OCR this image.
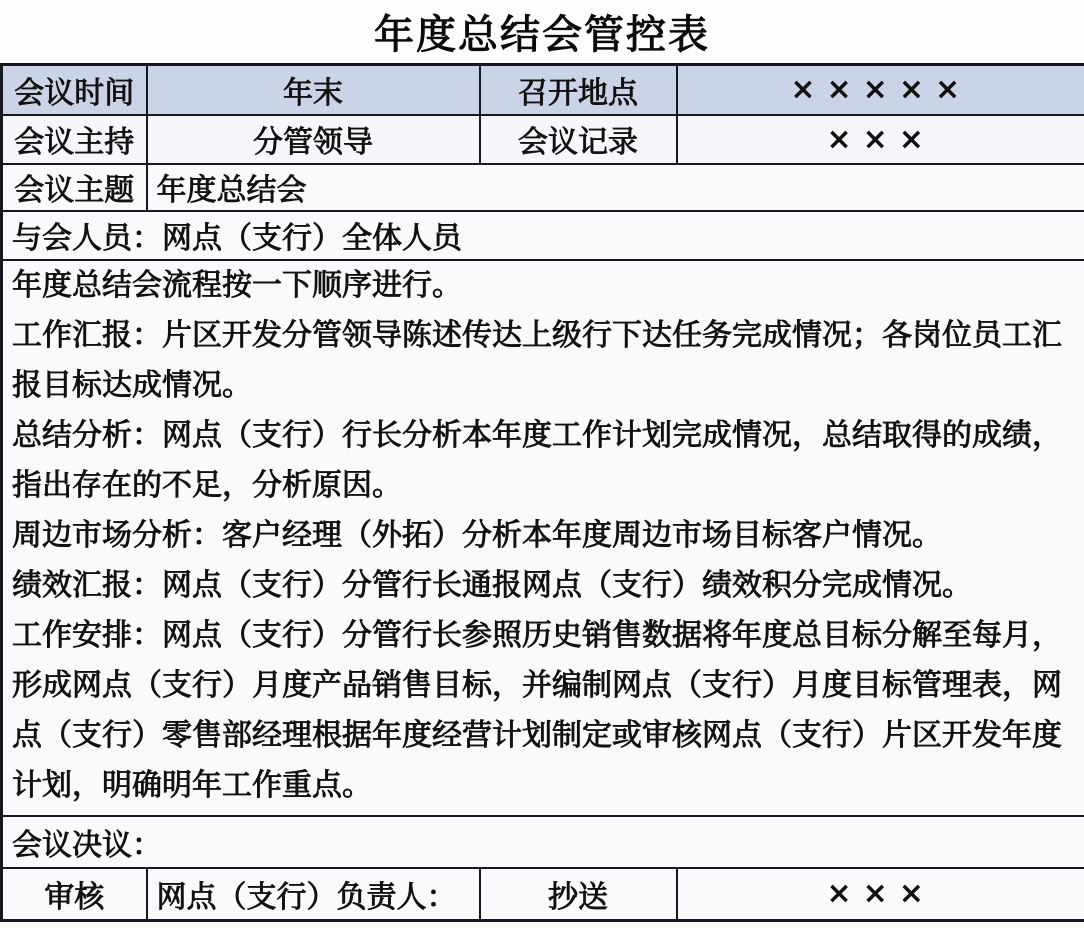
年度总结会管控表
会议时间	年末	召开地点	×××××
会议主持	分管领导	会议记录	×××
会议主题	年度总结会		
与会人员：网点（支行）全体人员			

年度总结会流程按一下顺序进行。

工作汇报：片区开发分管领导陈述传达上级行下达任务完成情况；各岗位员工汇报目标达成情况。

总结分析：网点（支行）行长分析本年度工作计划完成情况，总结取得的成绩，指出存在的不足，分析原因。

周边市场分析：客户经理（外拓）分析本年度周边市场目标客户情况。

绩效汇报：网点（支行）分管行长通报网点（支行）绩效积分完成情况。

工作安排：网点（支行）分管行长参照历史销售数据将年度总目标分解至每月，形成网点（支行）月度产品销售目标，并编制网点（支行）月度目标管理表，网点（支行）零售部经理根据年度经营计划制定或审核网点（支行）片区开发年度计划，明确明年工作重点。

会议决议：			
审核	网点（支行）负责人：	抄送	×××
